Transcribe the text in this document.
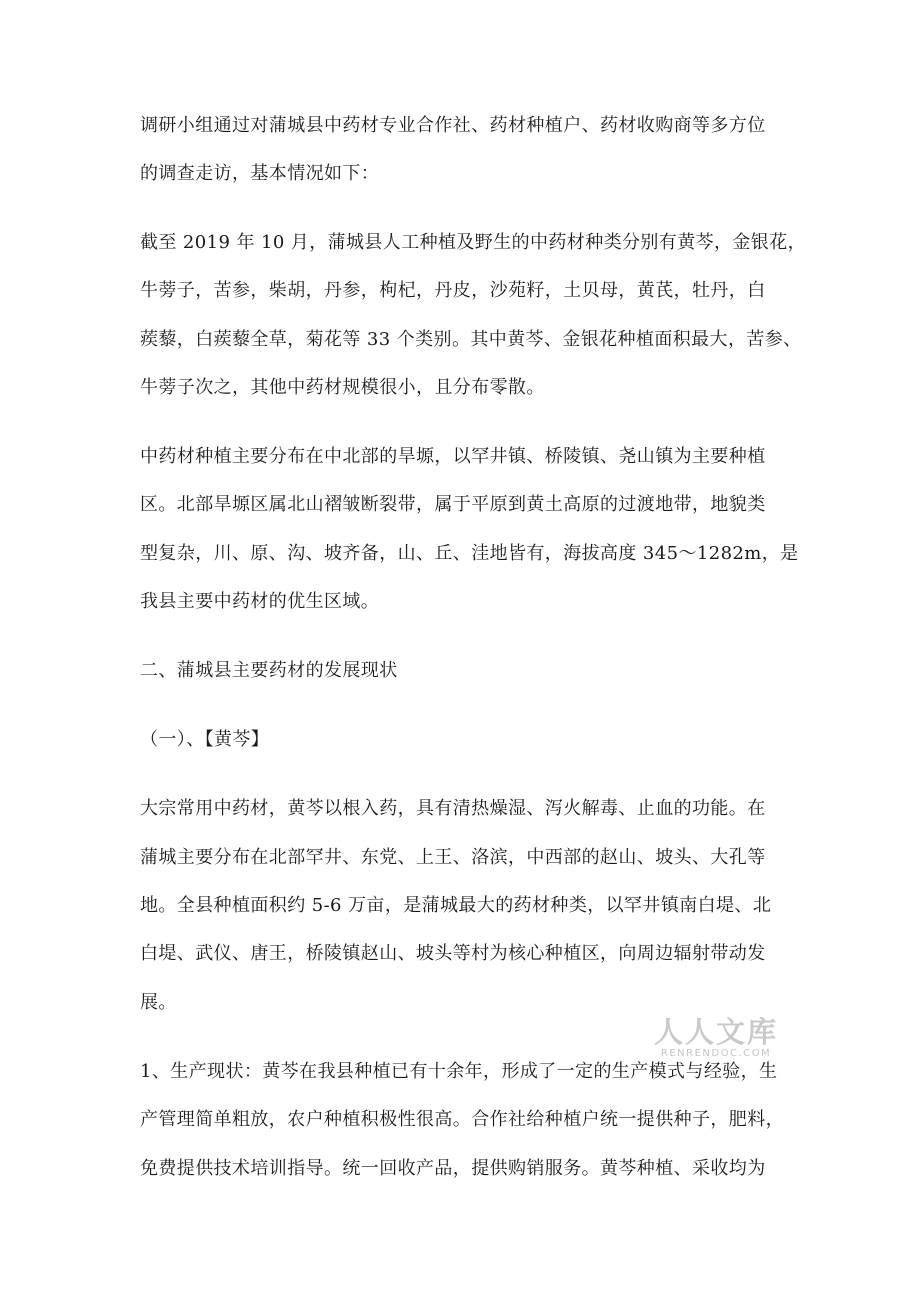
调研小组通过对蒲城县中药材专业合作社、药材种植户、药材收购商等多方位
的调查走访，基本情况如下：
截至 2019 年 10 月，蒲城县人工种植及野生的中药材种类分别有黄芩，金银花，
牛蒡子，苦参，柴胡，丹参，枸杞，丹皮，沙苑籽，土贝母，黄芪，牡丹，白
蒺藜，白蒺藜全草，菊花等 33 个类别。其中黄芩、金银花种植面积最大，苦参、
牛蒡子次之，其他中药材规模很小，且分布零散。
中药材种植主要分布在中北部的旱塬，以罕井镇、桥陵镇、尧山镇为主要种植
区。北部旱塬区属北山褶皱断裂带，属于平原到黄土高原的过渡地带，地貌类
型复杂，川、原、沟、坡齐备，山、丘、洼地皆有，海拔高度 345～1282m，是
我县主要中药材的优生区域。
二、蒲城县主要药材的发展现状
（一）、【黄芩】
大宗常用中药材，黄芩以根入药，具有清热燥湿、泻火解毒、止血的功能。在
蒲城主要分布在北部罕井、东党、上王、洛滨，中西部的赵山、坡头、大孔等
地。全县种植面积约 5-6 万亩，是蒲城最大的药材种类，以罕井镇南白堤、北
白堤、武仪、唐王，桥陵镇赵山、坡头等村为核心种植区，向周边辐射带动发
展。
1、生产现状：黄芩在我县种植已有十余年，形成了一定的生产模式与经验，生
产管理简单粗放，农户种植积极性很高。合作社给种植户统一提供种子，肥料，
免费提供技术培训指导。统一回收产品，提供购销服务。黄芩种植、采收均为
人人文库
RENRENDOC.COM
